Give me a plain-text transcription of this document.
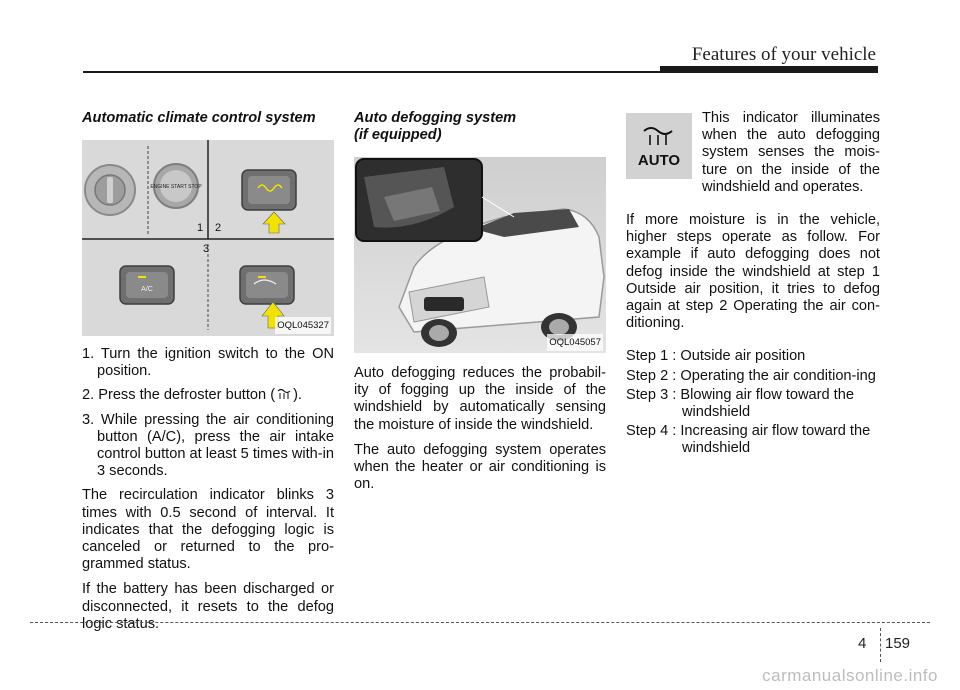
Features of your vehicle

Automatic climate control system

ENGINE START STOP
1 2
3
A/C
OQL045327
1. Turn the ignition switch to the ON position.
2. Press the defroster button ( ).
3. While pressing the air conditioning button (A/C), press the air intake control button at least 5 times with-in 3 seconds.

The recirculation indicator blinks 3 times with 0.5 second of interval. It indicates that the defogging logic is canceled or returned to the pro-grammed status.

If the battery has been discharged or disconnected, it resets to the defog logic status.

Auto defogging system

(if equipped)

OQL045057

Auto defogging reduces the probabil-ity of fogging up the inside of the windshield by automatically sensing the moisture of inside the windshield.

The auto defogging system operates when the heater or air conditioning is on.

AUTO

This indicator illuminates when the auto defogging system senses the mois-ture on the inside of the windshield and operates.

If more moisture is in the vehicle, higher steps operate as follow. For example if auto defogging does not defog inside the windshield at step 1 Outside air position, it tries to defog again at step 2 Operating the air con-ditioning.

Step 1 : Outside air position
Step 2 : Operating the air condition-ing
Step 3 : Blowing air flow toward the windshield
Step 4 : Increasing air flow toward the windshield
4 159
carmanualsonline.info
